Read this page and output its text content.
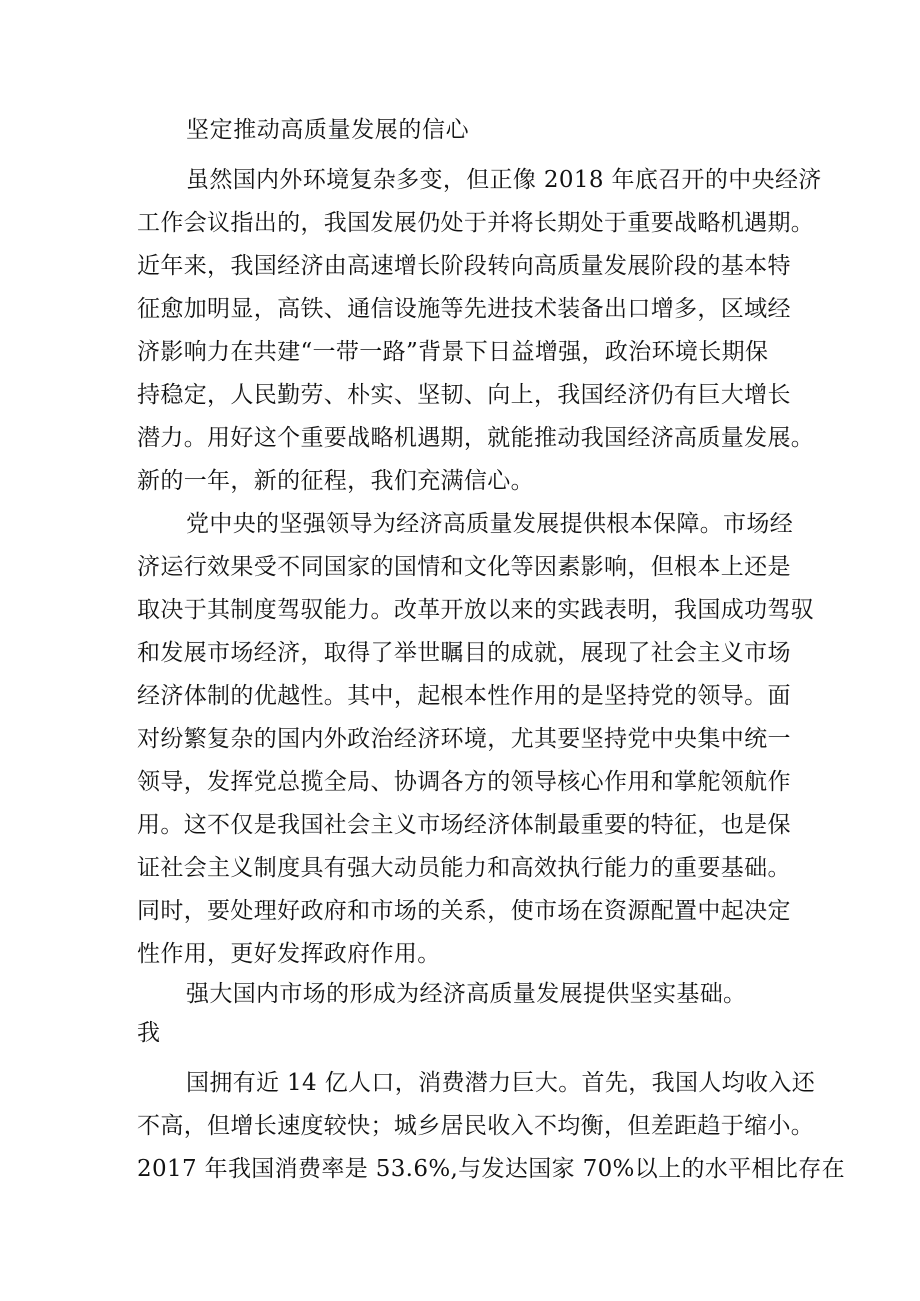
坚定推动高质量发展的信心
虽然国内外环境复杂多变，但正像 2018 年底召开的中央经济
工作会议指出的，我国发展仍处于并将长期处于重要战略机遇期。
近年来，我国经济由高速增长阶段转向高质量发展阶段的基本特
征愈加明显，高铁、通信设施等先进技术装备出口增多，区域经
济影响力在共建“一带一路”背景下日益增强，政治环境长期保
持稳定，人民勤劳、朴实、坚韧、向上，我国经济仍有巨大增长
潜力。用好这个重要战略机遇期，就能推动我国经济高质量发展。
新的一年，新的征程，我们充满信心。
党中央的坚强领导为经济高质量发展提供根本保障。市场经
济运行效果受不同国家的国情和文化等因素影响，但根本上还是
取决于其制度驾驭能力。改革开放以来的实践表明，我国成功驾驭
和发展市场经济，取得了举世瞩目的成就，展现了社会主义市场
经济体制的优越性。其中，起根本性作用的是坚持党的领导。面
对纷繁复杂的国内外政治经济环境，尤其要坚持党中央集中统一
领导，发挥党总揽全局、协调各方的领导核心作用和掌舵领航作
用。这不仅是我国社会主义市场经济体制最重要的特征，也是保
证社会主义制度具有强大动员能力和高效执行能力的重要基础。
同时，要处理好政府和市场的关系，使市场在资源配置中起决定
性作用，更好发挥政府作用。
强大国内市场的形成为经济高质量发展提供坚实基础。
我
国拥有近 14 亿人口，消费潜力巨大。首先，我国人均收入还
不高，但增长速度较快；城乡居民收入不均衡，但差距趋于缩小。
2017 年我国消费率是 53.6%,与发达国家 70%以上的水平相比存在
